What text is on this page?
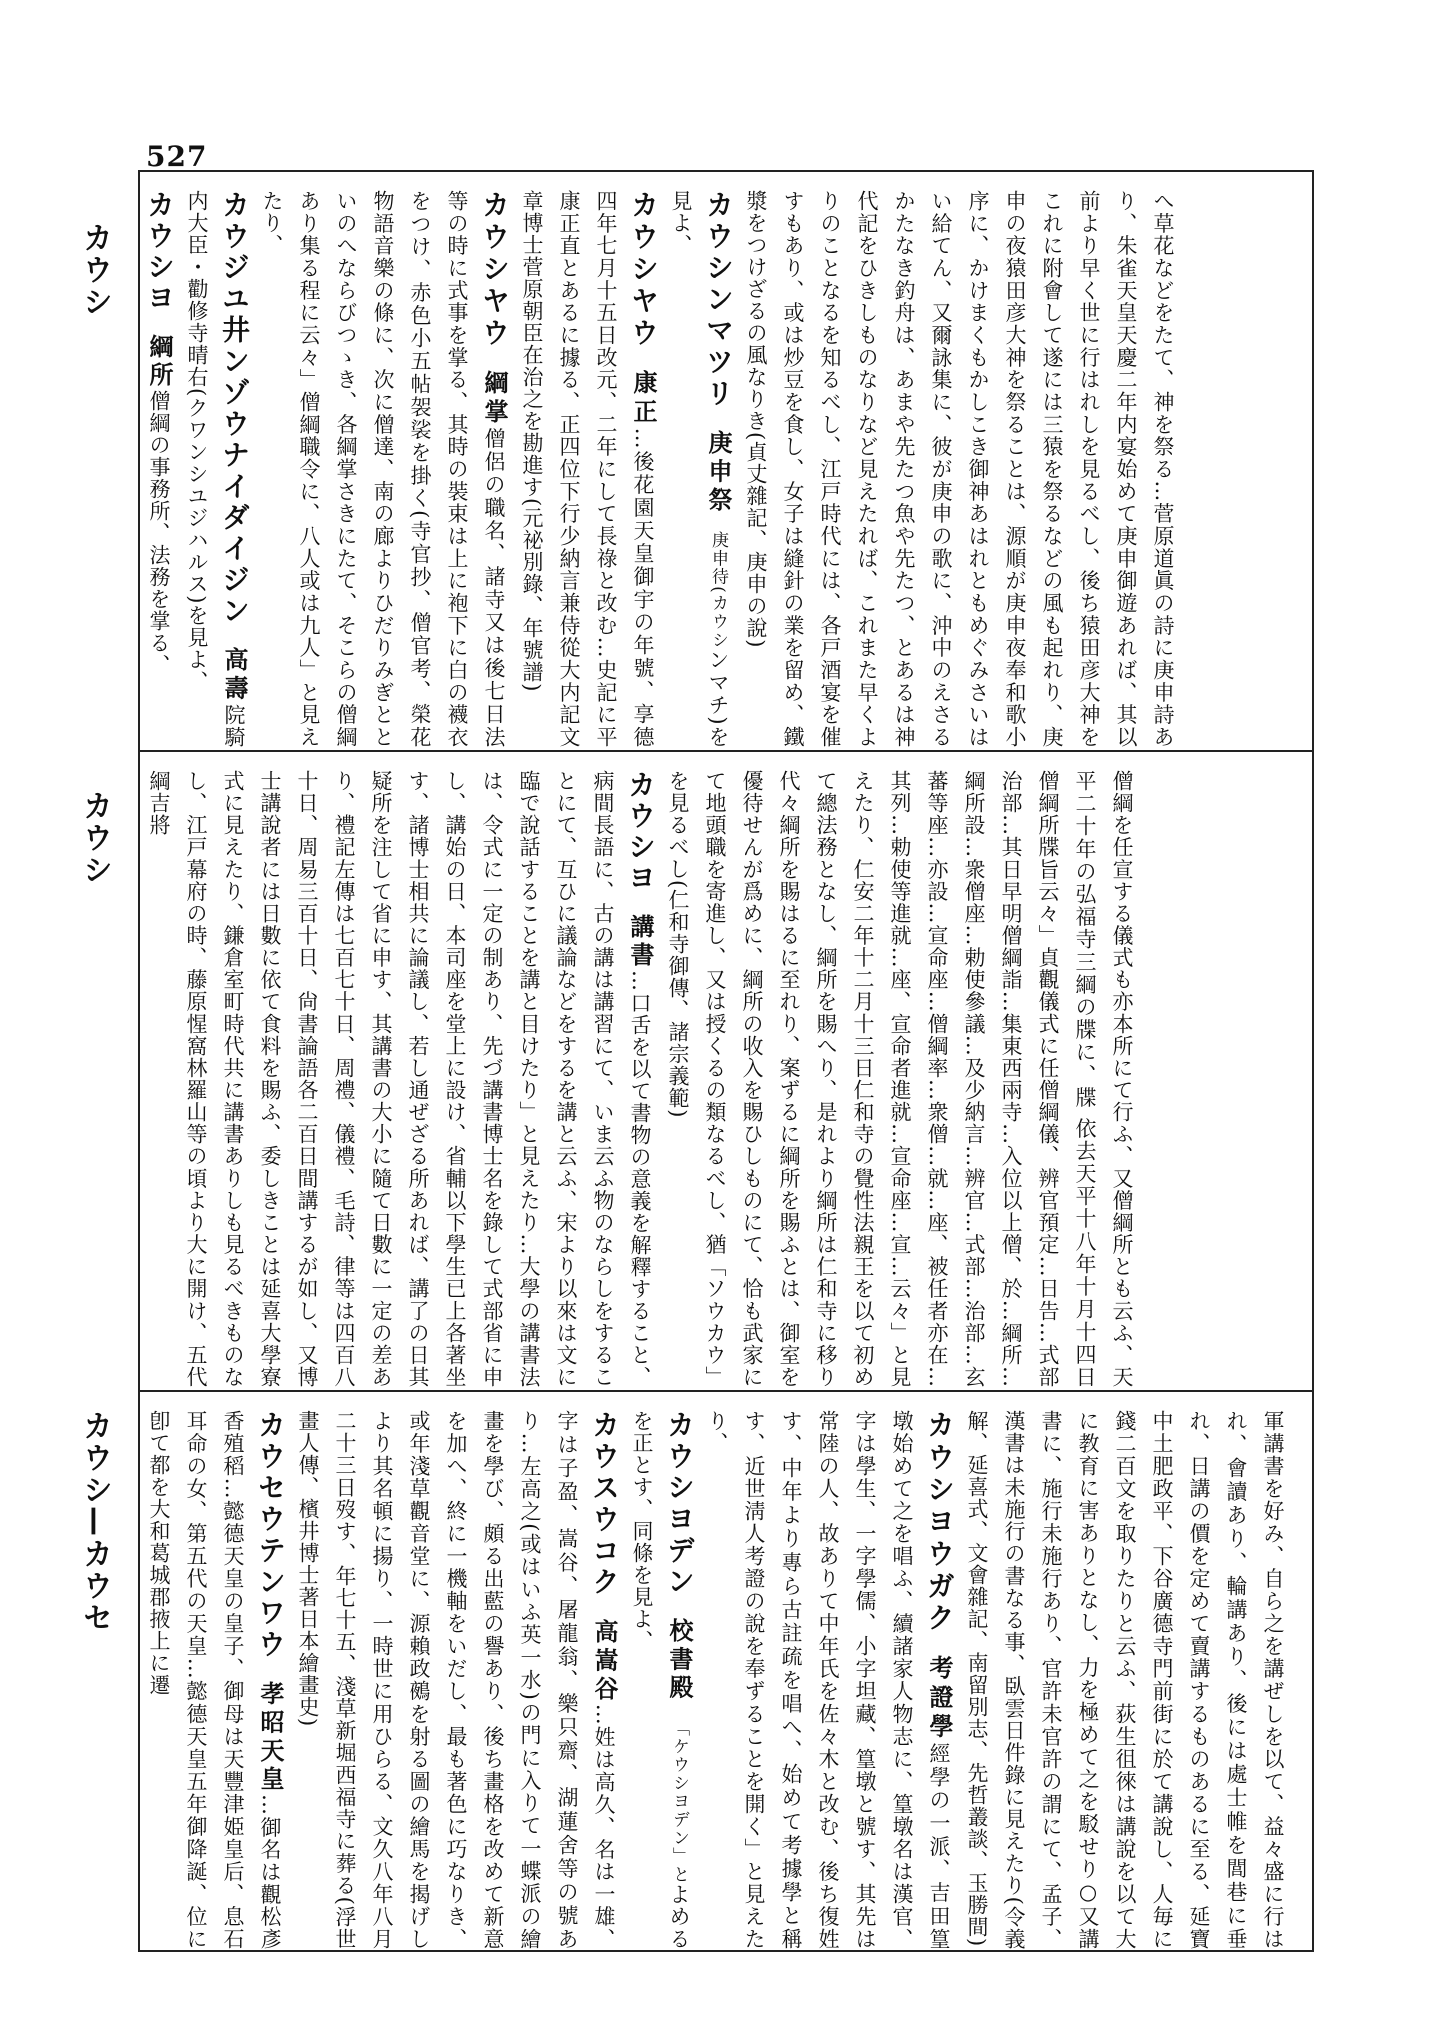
527
カウシ
カウシ
カウシ—カウセ

へ草花などをたて、神を祭る…菅原道眞の詩に庚申詩あり、朱雀天皇天慶二年内宴始めて庚申御遊あれば、其以前より早く世に行はれしを見るべし、後ち猿田彦大神をこれに附會して遂には三猿を祭るなどの風も起れり、庚申の夜猿田彦大神を祭ることは、源順が庚申夜奉和歌小序に、かけまくもかしこき御神あはれともめぐみさいはい給てん、又爾詠集に、彼が庚申の歌に、沖中のえさるかたなき釣舟は、あまや先たつ魚や先たつ、とあるは神代記をひきしものなりなど見えたれば、これまた早くよりのことなるを知るべし、江戸時代には、各戸酒宴を催すもあり、或は炒豆を食し、女子は縫針の業を留め、鐵漿をつけざるの風なりき(貞丈雜記、庚申の說)

カウシンマツリ庚申祭庚申待(カウシンマチ)を見よ、

カウシヤウ康正…後花園天皇御宇の年號、享德四年七月十五日改元、二年にして長祿と改む…史記に平康正直とあるに據る、正四位下行少納言兼侍從大内記文章博士菅原朝臣在治之を勘進す(元祕別錄、年號譜)

カウシヤウ綱掌僧侶の職名、諸寺又は後七日法等の時に式事を掌る、其時の裝束は上に袍下に白の襪衣をつけ、赤色小五帖袈裟を掛く(寺官抄、僧官考、榮花物語音樂の條に、次に僧達、南の廊よりひだりみぎとといのへならびつゝき、各綱掌さきにたて、そこらの僧綱あり集る程に云々」僧綱職令に、八人或は九人」と見えたり、

カウジユ井ンゾウナイダイジン高壽院騎内大臣・勸修寺晴右(クワンシユジハルス)を見よ、

カウシヨ綱所僧綱の事務所、法務を掌る、

僧綱を任宣する儀式も亦本所にて行ふ、又僧綱所とも云ふ、天平二十年の弘福寺三綱の牒に、牒 依去天平十八年十月十四日僧綱所牒旨云々」貞觀儀式に任僧綱儀、辨官預定…日告…式部治部…其日早明僧綱詣…集東西兩寺…入位以上僧、於…綱所…綱所設…衆僧座…勅使參議…及少納言…辨官…式部…治部…玄蕃等座…亦設…宣命座…僧綱率…衆僧…就…座、被任者亦在…其列…勅使等進就…座、宣命者進就…宣命座…宣…云々」と見えたり、仁安二年十二月十三日仁和寺の覺性法親王を以て初めて總法務となし、綱所を賜へり、是れより綱所は仁和寺に移り代々綱所を賜はるに至れり、案ずるに綱所を賜ふとは、御室を優待せんが爲めに、綱所の收入を賜ひしものにて、恰も武家にて地頭職を寄進し、又は授くるの類なるべし、猶「ソウカウ」を見るべし(仁和寺御傳、諸宗義範)

カウシヨ講書…口舌を以て書物の意義を解釋すること、病間長語に、古の講は講習にて、いま云ふ物のならしをすることにて、互ひに議論などをするを講と云ふ、宋より以來は文に臨で說話することを講と目けたり」と見えたり…大學の講書法は、令式に一定の制あり、先づ講書博士名を錄して式部省に申し、講始の日、本司座を堂上に設け、省輔以下學生已上各著坐す、諸博士相共に論議し、若し通ぜざる所あれば、講了の日其疑所を注して省に申す、其講書の大小に隨て日數に一定の差あり、禮記左傳は七百七十日、周禮、儀禮、毛詩、律等は四百八十日、周易三百十日、尙書論語各二百日間講するが如し、又博士講說者には日數に依て食料を賜ふ、委しきことは延喜大學寮式に見えたり、鎌倉室町時代共に講書ありしも見るべきものなし、江戸幕府の時、藤原惺窩林羅山等の頃より大に開け、五代綱吉將

軍講書を好み、自ら之を講ぜしを以て、益々盛に行はれ、會讀あり、輪講あり、後には處士帷を閭巷に垂れ、日講の價を定めて賣講するものあるに至る、延寶中土肥政平、下谷廣德寺門前街に於て講說し、人毎に錢二百文を取りたりと云ふ、荻生徂徠は講說を以て大に教育に害ありとなし、力を極めて之を駁せり○又講書に、施行未施行あり、官許未官許の謂にて、孟子、漢書は未施行の書なる事、臥雲日件錄に見えたり(令義解、延喜式、文會雜記、南留別志、先哲叢談、玉勝間)

カウシヨウガク考證學經學の一派、吉田篁墩始めて之を唱ふ、續諸家人物志に、篁墩名は漢官、字は學生、一字學儒、小字坦藏、篁墩と號す、其先は常陸の人、故ありて中年氏を佐々木と改む、後ち復姓す、中年より專ら古註疏を唱へ、始めて考據學と稱す、近世淸人考證の說を奉ずることを開く」と見えたり、

カウシヨデン校書殿「ケウシヨデン」とよめるを正とす、同條を見よ、

カウスウコク高嵩谷…姓は高久、名は一雄、字は子盈、嵩谷、屠龍翁、樂只齋、湖蓮舍等の號あり…左高之(或はいふ英一水)の門に入りて一蝶派の繪畫を學び、頗る出藍の譽あり、後ち畫格を改めて新意を加へ、終に一機軸をいだし、最も著色に巧なりき、或年淺草觀音堂に、源賴政鵺を射る圖の繪馬を揭げしより其名頓に揚り、一時世に用ひらる、文久八年八月二十三日歿す、年七十五、淺草新堀西福寺に葬る(浮世畫人傳、檳井博士著日本繪畫史)

カウセウテンワウ孝昭天皇…御名は觀松彥香殖稻…懿德天皇の皇子、御母は天豐津姫皇后、息石耳命の女、第五代の天皇…懿德天皇五年御降誕、位に卽て都を大和葛城郡掖上に遷
